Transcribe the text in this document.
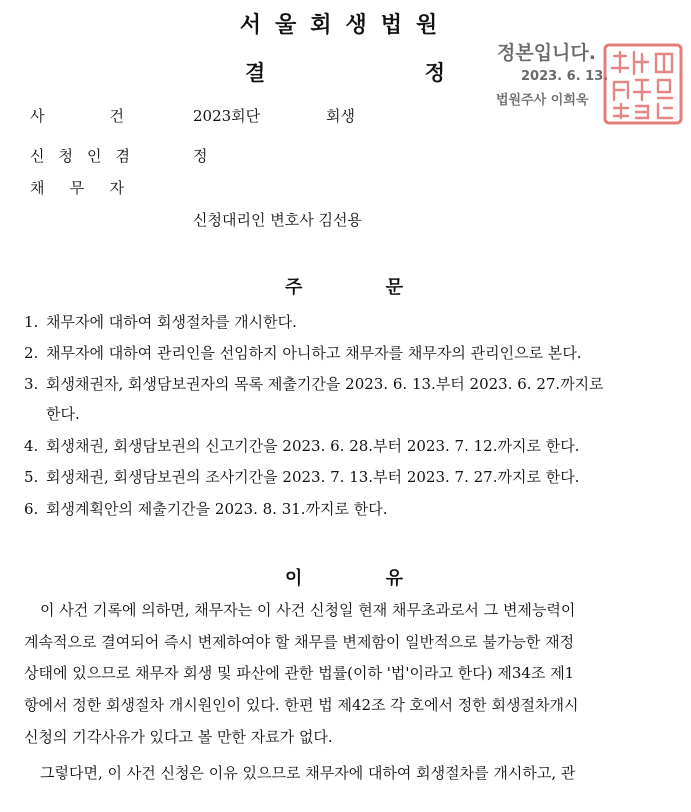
서울회생법원
결	정
정본입니다.
2023. 6. 13.
법원주사 이희욱
사	건	2023회단	회생
신 청 인 겸	정
채 무 자
신청대리인 변호사 김선용
주	문
1. 채무자에 대하여 회생절차를 개시한다.
2. 채무자에 대하여 관리인을 선임하지 아니하고 채무자를 채무자의 관리인으로 본다.
3. 회생채권자, 회생담보권자의 목록 제출기간을 2023. 6. 13.부터 2023. 6. 27.까지로
한다.
4. 회생채권, 회생담보권의 신고기간을 2023. 6. 28.부터 2023. 7. 12.까지로 한다.
5. 회생채권, 회생담보권의 조사기간을 2023. 7. 13.부터 2023. 7. 27.까지로 한다.
6. 회생계획안의 제출기간을 2023. 8. 31.까지로 한다.
이	유
이 사건 기록에 의하면, 채무자는 이 사건 신청일 현재 채무초과로서 그 변제능력이
계속적으로 결여되어 즉시 변제하여야 할 채무를 변제함이 일반적으로 불가능한 재정
상태에 있으므로 채무자 회생 및 파산에 관한 법률(이하 '법'이라고 한다) 제34조 제1
항에서 정한 회생절차 개시원인이 있다. 한편 법 제42조 각 호에서 정한 회생절차개시
신청의 기각사유가 있다고 볼 만한 자료가 없다.
그렇다면, 이 사건 신청은 이유 있으므로 채무자에 대하여 회생절차를 개시하고, 관
